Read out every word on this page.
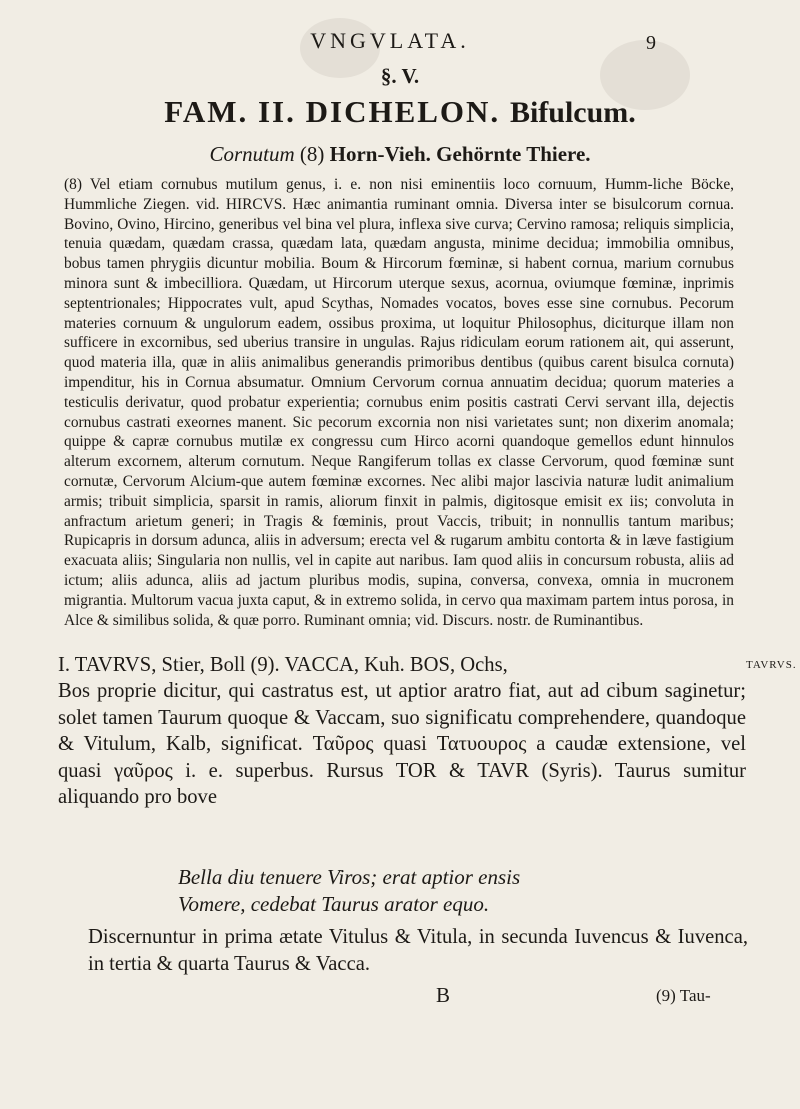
VNGVLATA.	9
§. V.
FAM. II. DICHELON. Bifulcum.
Cornutum (8) Horn-Vieh. Gehörnte Thiere.

(8) Vel etiam cornubus mutilum genus, i. e. non nisi eminentiis loco cornuum, Humm-liche Böcke, Hummliche Ziegen. vid. HIRCVS. Hæc animantia ruminant omnia. Diversa inter se bisulcorum cornua. Bovino, Ovino, Hircino, generibus vel bina vel plura, inflexa sive curva; Cervino ramosa; reliquis simplicia, tenuia quædam, quædam crassa, quædam lata, quædam angusta, minime decidua; immobilia omnibus, bobus tamen phrygiis dicuntur mobilia. Boum & Hircorum fœminæ, si habent cornua, marium cornubus minora sunt & imbecilliora. Quædam, ut Hircorum uterque sexus, acornua, oviumque fœminæ, inprimis septentrionales; Hippocrates vult, apud Scythas, Nomades vocatos, boves esse sine cornubus. Pecorum materies cornuum & ungulorum eadem, ossibus proxima, ut loquitur Philosophus, diciturque illam non sufficere in excornibus, sed uberius transire in ungulas. Rajus ridiculam eorum rationem ait, qui asserunt, quod materia illa, quæ in aliis animalibus generandis primoribus dentibus (quibus carent bisulca cornuta) impenditur, his in Cornua absumatur. Omnium Cervorum cornua annuatim decidua; quorum materies a testiculis derivatur, quod probatur experientia; cornubus enim positis castrati Cervi servant illa, dejectis cornubus castrati exeornes manent. Sic pecorum excornia non nisi varietates sunt; non dixerim anomala; quippe & capræ cornubus mutilæ ex congressu cum Hirco acorni quandoque gemellos edunt hinnulos alterum excornem, alterum cornutum. Neque Rangiferum tollas ex classe Cervorum, quod fœminæ sunt cornutæ, Cervorum Alcium-que autem fœminæ excornes. Nec alibi major lascivia naturæ ludit animalium armis; tribuit simplicia, sparsit in ramis, aliorum finxit in palmis, digitosque emisit ex iis; convoluta in anfractum arietum generi; in Tragis & fœminis, prout Vaccis, tribuit; in nonnullis tantum maribus; Rupicapris in dorsum adunca, aliis in adversum; erecta vel & rugarum ambitu contorta & in læve fastigium exacuata aliis; Singularia non nullis, vel in capite aut naribus. Iam quod aliis in concursum robusta, aliis ad ictum; aliis adunca, aliis ad jactum pluribus modis, supina, conversa, convexa, omnia in mucronem migrantia. Multorum vacua juxta caput, & in extremo solida, in cervo qua maximam partem intus porosa, in Alce & similibus solida, & quæ porro. Ruminant omnia; vid. Discurs. nostr. de Ruminantibus.

I. TAVRVS, Stier, Boll (9). VACCA, Kuh. BOS, Ochs,

Bos proprie dicitur, qui castratus est, ut aptior aratro fiat, aut ad cibum saginetur; solet tamen Taurum quoque & Vaccam, suo significatu comprehendere, quandoque & Vitulum, Kalb, significat. Ταῦρος quasi Τατυουρος a caudæ extensione, vel quasi γαῦρος i. e. superbus. Rursus TOR & TAVR (Syris). Taurus sumitur aliquando pro bove

TAVRVS.
Bella diu tenuere Viros; erat aptior ensis
Vomere, cedebat Taurus arator equo.

Discernuntur in prima ætate Vitulus & Vitula, in secunda Iuvencus & Iuvenca, in tertia & quarta Taurus & Vacca.

B	(9) Tau-
